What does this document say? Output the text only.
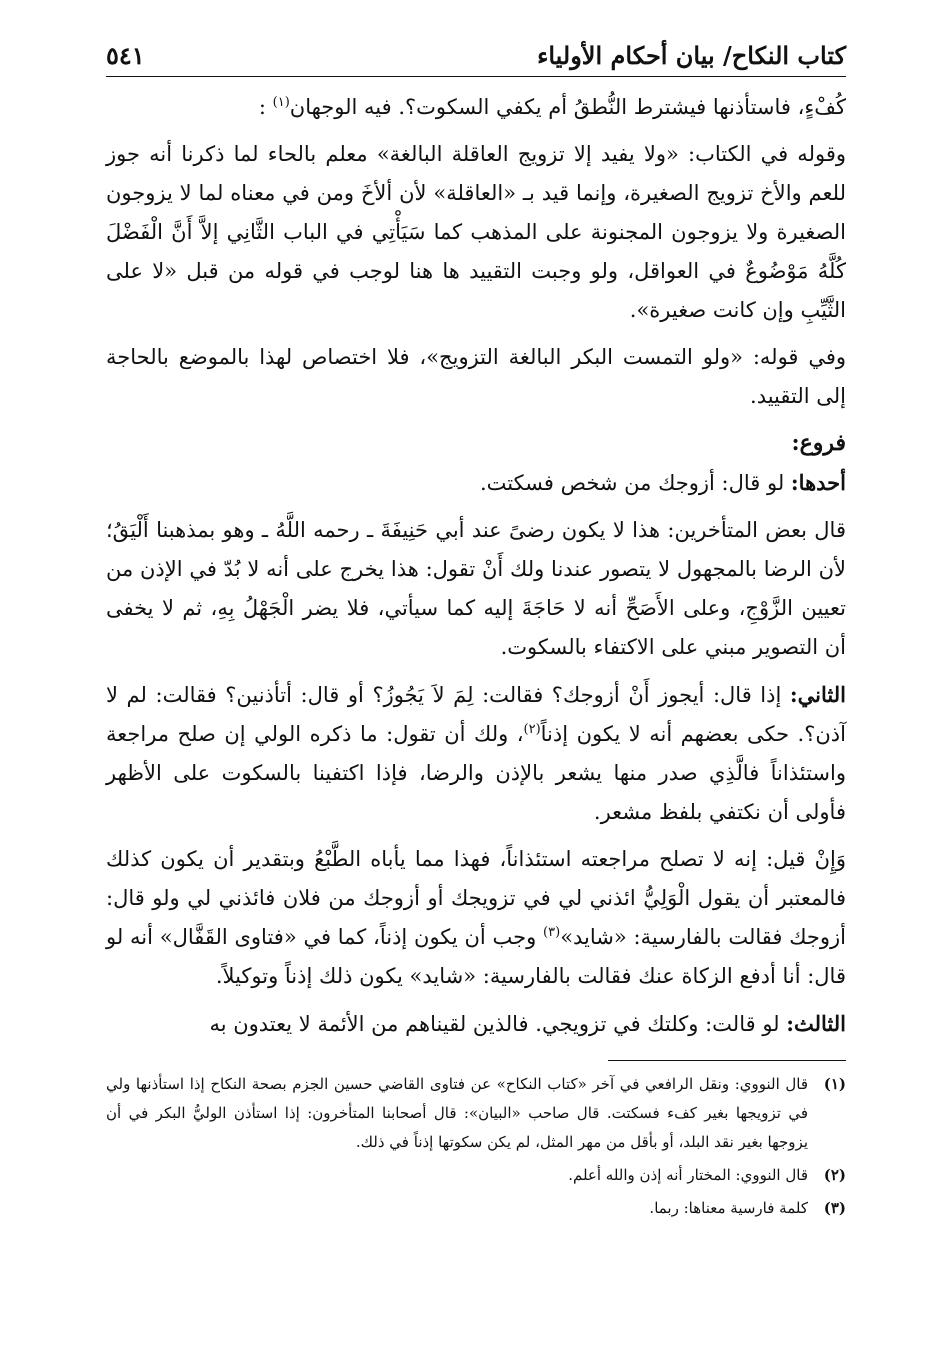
كتاب النكاح/ بيان أحكام الأولياء
٥٤١

كُفْءٍ، فاستأذنها فيشترط النُّطقُ أم يكفي السكوت؟. فيه الوجهان$^{(١)}$ :

وقوله في الكتاب: «ولا يفيد إلا تزويج العاقلة البالغة» معلم بالحاء لما ذكرنا أنه جوز للعم والأخ تزويج الصغيرة، وإنما قيد بـ «العاقلة» لأن ألأخَ ومن في معناه لما لا يزوجون الصغيرة ولا يزوجون المجنونة على المذهب كما سَيَأْتِي في الباب الثَّانِي إلاَّ أَنَّ الْفَضْلَ كُلَّهُ مَوْضُوعٌ في العواقل، ولو وجبت التقييد ها هنا لوجب في قوله من قبل «لا على الثَّيِّبِ وإن كانت صغيرة».

وفي قوله: «ولو التمست البكر البالغة التزويج»، فلا اختصاص لهذا بالموضع بالحاجة إلى التقييد.

فروع:

أحدها: لو قال: أزوجك من شخص فسكتت.

قال بعض المتأخرين: هذا لا يكون رضىً عند أبي حَنِيفَةَ ـ رحمه اللَّهُ ـ وهو بمذهبنا أَلْيَقُ؛ لأن الرضا بالمجهول لا يتصور عندنا ولك أَنْ تقول: هذا يخرج على أنه لا بُدّ في الإذن من تعيين الزَّوْجِ، وعلى الأَصَحِّ أنه لا حَاجَةَ إليه كما سيأتي، فلا يضر الْجَهْلُ بِهِ، ثم لا يخفى أن التصوير مبني على الاكتفاء بالسكوت.

الثاني: إذا قال: أيجوز أَنْ أزوجك؟ فقالت: لِمَ لاَ يَجُوزُ؟ أو قال: أتأذنين؟ فقالت: لم لا آذن؟. حكى بعضهم أنه لا يكون إذناً$^{(٢)}$، ولك أن تقول: ما ذكره الولي إن صلح مراجعة واستئذاناً فالَّذِي صدر منها يشعر بالإذن والرضا، فإذا اكتفينا بالسكوت على الأظهر فأولى أن نكتفي بلفظ مشعر.

وَإِنْ قيل: إنه لا تصلح مراجعته استئذاناً، فهذا مما يأباه الطَّبْعُ وبتقدير أن يكون كذلك فالمعتبر أن يقول الْوَلِيُّ ائذني لي في تزويجك أو أزوجك من فلان فائذني لي ولو قال: أزوجك فقالت بالفارسية: «شايد»$^{(٣)}$ وجب أن يكون إذناً، كما في «فتاوى القَفَّال» أنه لو قال: أنا أدفع الزكاة عنك فقالت بالفارسية: «شايد» يكون ذلك إذناً وتوكيلاً.

الثالث: لو قالت: وكلتك في تزويجي. فالذين لقيناهم من الأئمة لا يعتدون به

(١)
قال النووي: ونقل الرافعي في آخر «كتاب النكاح» عن فتاوى القاضي حسين الجزم بصحة النكاح إذا استأذنها ولي في تزويجها بغير كفء فسكتت. قال صاحب «البيان»: قال أصحابنا المتأخرون: إذا استأذن الوليُّ البكر في أن يزوجها بغير نقد البلد، أو بأقل من مهر المثل، لم يكن سكوتها إذناً في ذلك.
(٢)
قال النووي: المختار أنه إذن والله أعلم.
(٣)
كلمة فارسية معناها: ربما.
